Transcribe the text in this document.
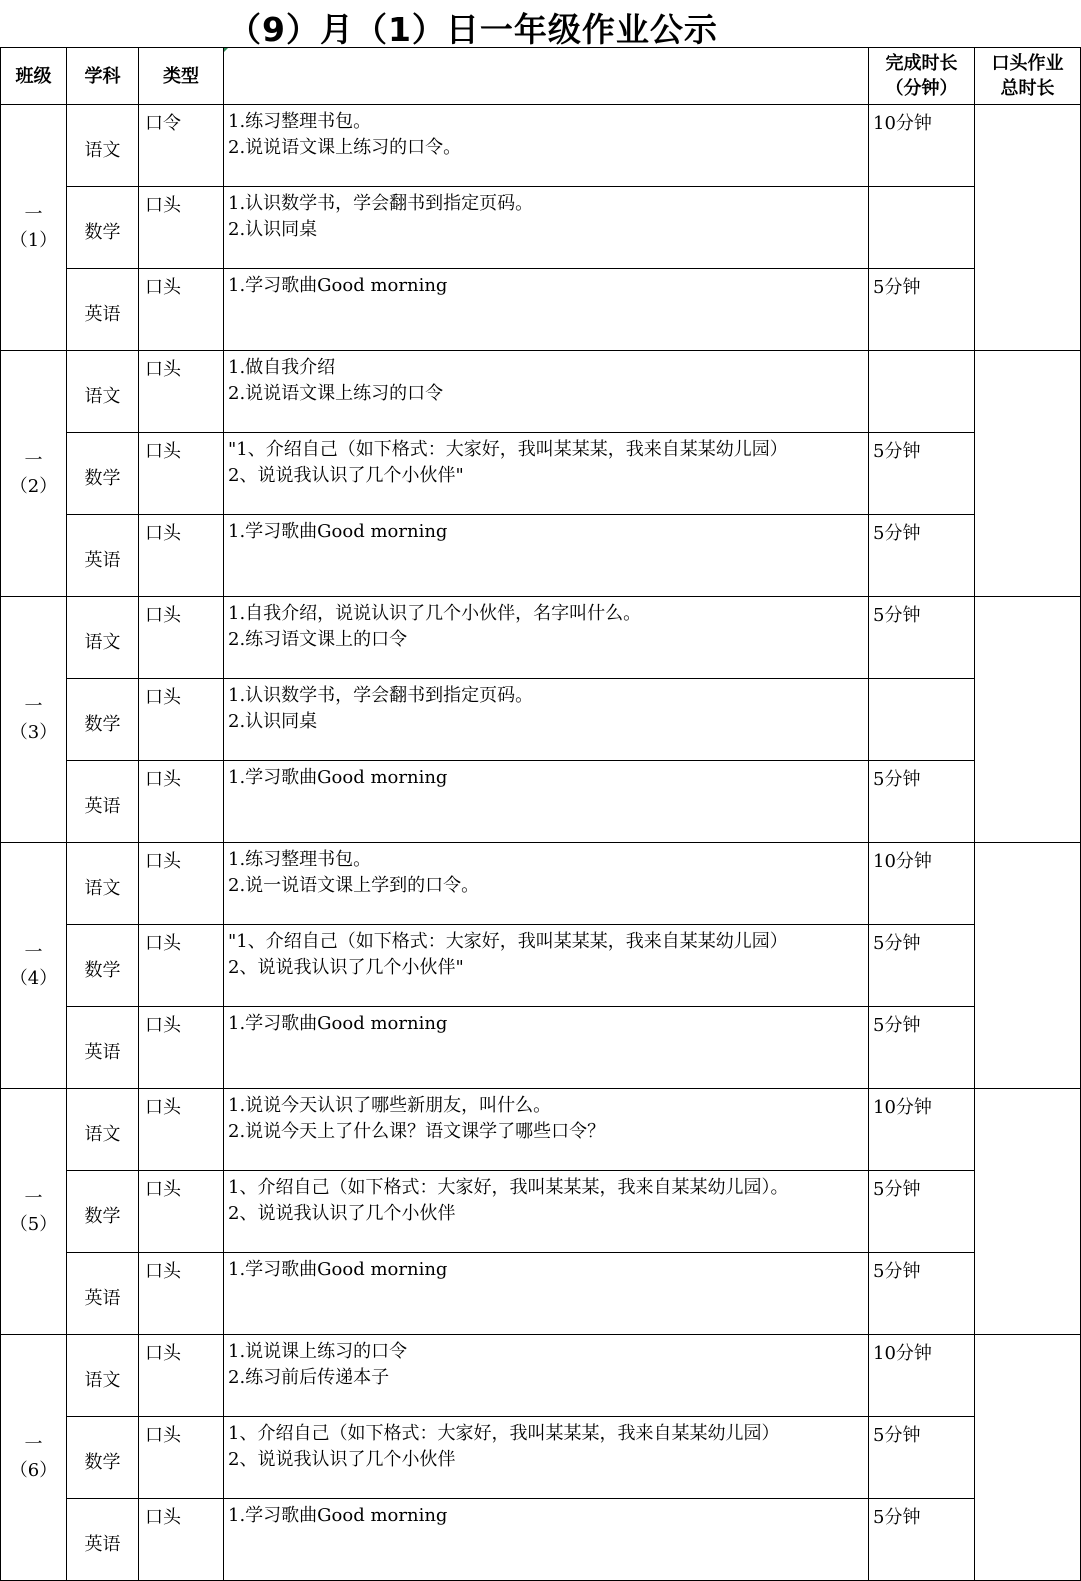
（9）月（1）日一年级作业公示
班级	学科	类型		完成时长
（分钟）	口头作业
总时长

一
（1）	语文	口令	1.练习整理书包。
2.说说语文课上练习的口令。	10分钟	
	数学	口头	1.认识数学书，学会翻书到指定页码。
2.认识同桌		

	英语	口头	1.学习歌曲Good morning	5分钟	

一
（2）	语文	口头	1.做自我介绍
2.说说语文课上练习的口令		

	数学	口头	"1、介绍自己（如下格式：大家好，我叫某某某，我来自某某幼儿园）
2、说说我认识了几个小伙伴"	5分钟	
	英语	口头	1.学习歌曲Good morning	5分钟	

一
（3）	语文	口头	1.自我介绍，说说认识了几个小伙伴，名字叫什么。
2.练习语文课上的口令	5分钟	
	数学	口头	1.认识数学书，学会翻书到指定页码。
2.认识同桌		

	英语	口头	1.学习歌曲Good morning	5分钟	

一
（4）	语文	口头	1.练习整理书包。
2.说一说语文课上学到的口令。	10分钟	
	数学	口头	"1、介绍自己（如下格式：大家好，我叫某某某，我来自某某幼儿园）
2、说说我认识了几个小伙伴"	5分钟	
	英语	口头	1.学习歌曲Good morning	5分钟	

一
（5）	语文	口头	1.说说今天认识了哪些新朋友，叫什么。
2.说说今天上了什么课？语文课学了哪些口令？	10分钟	
	数学	口头	1、介绍自己（如下格式：大家好，我叫某某某，我来自某某幼儿园）。
2、说说我认识了几个小伙伴	5分钟	
	英语	口头	1.学习歌曲Good morning	5分钟	

一
（6）	语文	口头	1.说说课上练习的口令
2.练习前后传递本子	10分钟	
	数学	口头	1、介绍自己（如下格式：大家好，我叫某某某，我来自某某幼儿园）
2、说说我认识了几个小伙伴	5分钟	
	英语	口头	1.学习歌曲Good morning	5分钟	
